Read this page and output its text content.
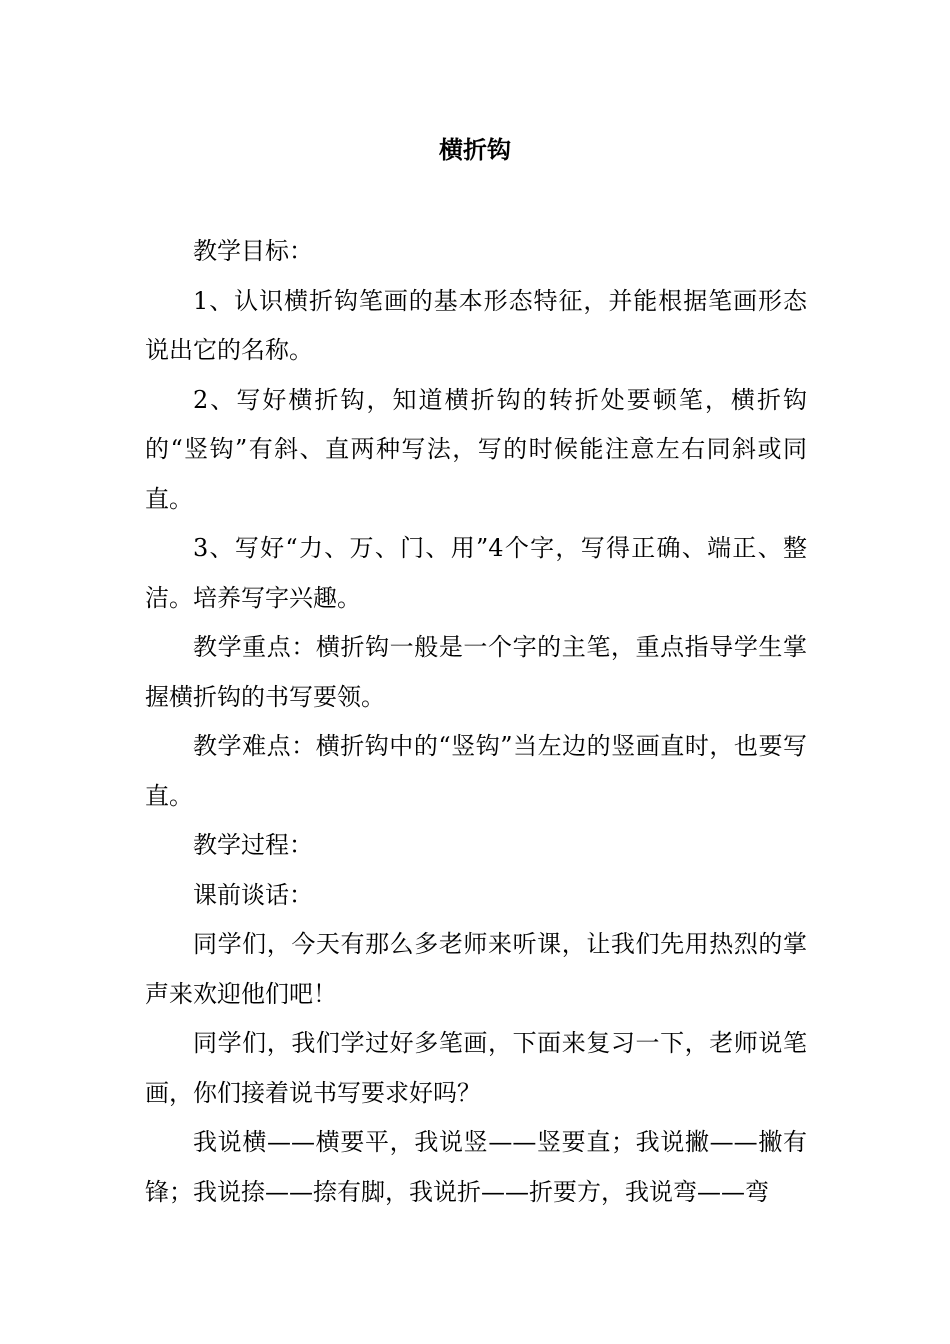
横折钩

教学目标：

1、认识横折钩笔画的基本形态特征，并能根据笔画形态说出它的名称。

2、写好横折钩，知道横折钩的转折处要顿笔，横折钩的“竖钩”有斜、直两种写法，写的时候能注意左右同斜或同直。

3、写好“力、万、门、用”4个字，写得正确、端正、整洁。培养写字兴趣。

教学重点：横折钩一般是一个字的主笔，重点指导学生掌握横折钩的书写要领。

教学难点：横折钩中的“竖钩”当左边的竖画直时，也要写直。

教学过程：

课前谈话：

同学们，今天有那么多老师来听课，让我们先用热烈的掌声来欢迎他们吧！

同学们，我们学过好多笔画，下面来复习一下，老师说笔画，你们接着说书写要求好吗？

我说横——横要平，我说竖——竖要直；我说撇——撇有锋；我说捺——捺有脚，我说折——折要方，我说弯——弯
